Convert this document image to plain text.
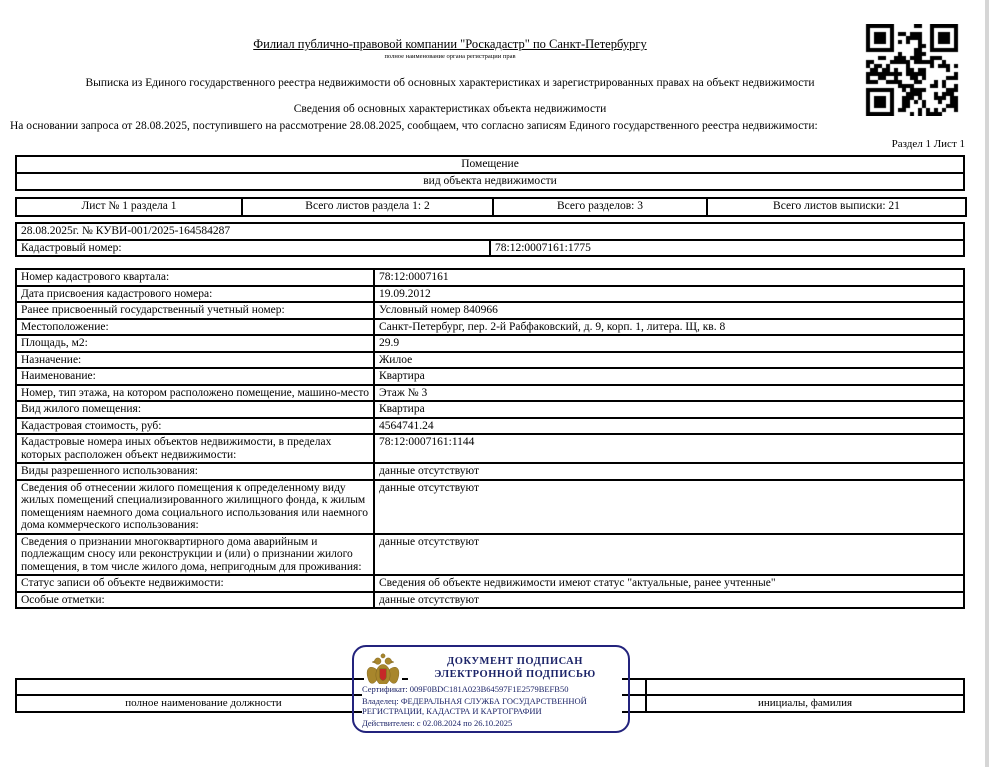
Филиал публично-правовой компании "Роскадастр" по Санкт-Петербургу
полное наименование органа регистрации прав
Выписка из Единого государственного реестра недвижимости об основных характеристиках и зарегистрированных правах на объект недвижимости
Сведения об основных характеристиках объекта недвижимости
На основании запроса от 28.08.2025, поступившего на рассмотрение 28.08.2025, сообщаем, что согласно записям Единого государственного реестра недвижимости:
Раздел 1 Лист 1
Помещение
вид объекта недвижимости
Лист № 1 раздела 1	Всего листов раздела 1: 2	Всего разделов: 3	Всего листов выписки: 21
28.08.2025г. № КУВИ-001/2025-164584287
Кадастровый номер:	78:12:0007161:1775
Номер кадастрового квартала:	78:12:0007161
Дата присвоения кадастрового номера:	19.09.2012
Ранее присвоенный государственный учетный номер:	Условный номер 840966
Местоположение:	Санкт-Петербург, пер. 2-й Рабфаковский, д. 9, корп. 1, литера. Щ, кв. 8
Площадь, м2:	29.9
Назначение:	Жилое
Наименование:	Квартира
Номер, тип этажа, на котором расположено помещение, машино-место	Этаж № 3
Вид жилого помещения:	Квартира
Кадастровая стоимость, руб:	4564741.24
Кадастровые номера иных объектов недвижимости, в пределах которых расположен объект недвижимости:	78:12:0007161:1144
Виды разрешенного использования:	данные отсутствуют
Сведения об отнесении жилого помещения к определенному виду жилых помещений специализированного жилищного фонда, к жилым помещениям наемного дома социального использования или наемного дома коммерческого использования:	данные отсутствуют
Сведения о признании многоквартирного дома аварийным и подлежащим сносу или реконструкции и (или) о признании жилого помещения, в том числе жилого дома, непригодным для проживания:	данные отсутствуют
Статус записи об объекте недвижимости:	Сведения об объекте недвижимости имеют статус "актуальные, ранее учтенные"
Особые отметки:	данные отсутствуют

полное наименование должности		инициалы, фамилия
ДОКУМЕНТ ПОДПИСАН
ЭЛЕКТРОННОЙ ПОДПИСЬЮ
Сертификат: 009F0BDC181A023B64597F1E2579BEFB50
Владелец: ФЕДЕРАЛЬНАЯ СЛУЖБА ГОСУДАРСТВЕННОЙ РЕГИСТРАЦИИ, КАДАСТРА И КАРТОГРАФИИ
Действителен: с 02.08.2024 по 26.10.2025
